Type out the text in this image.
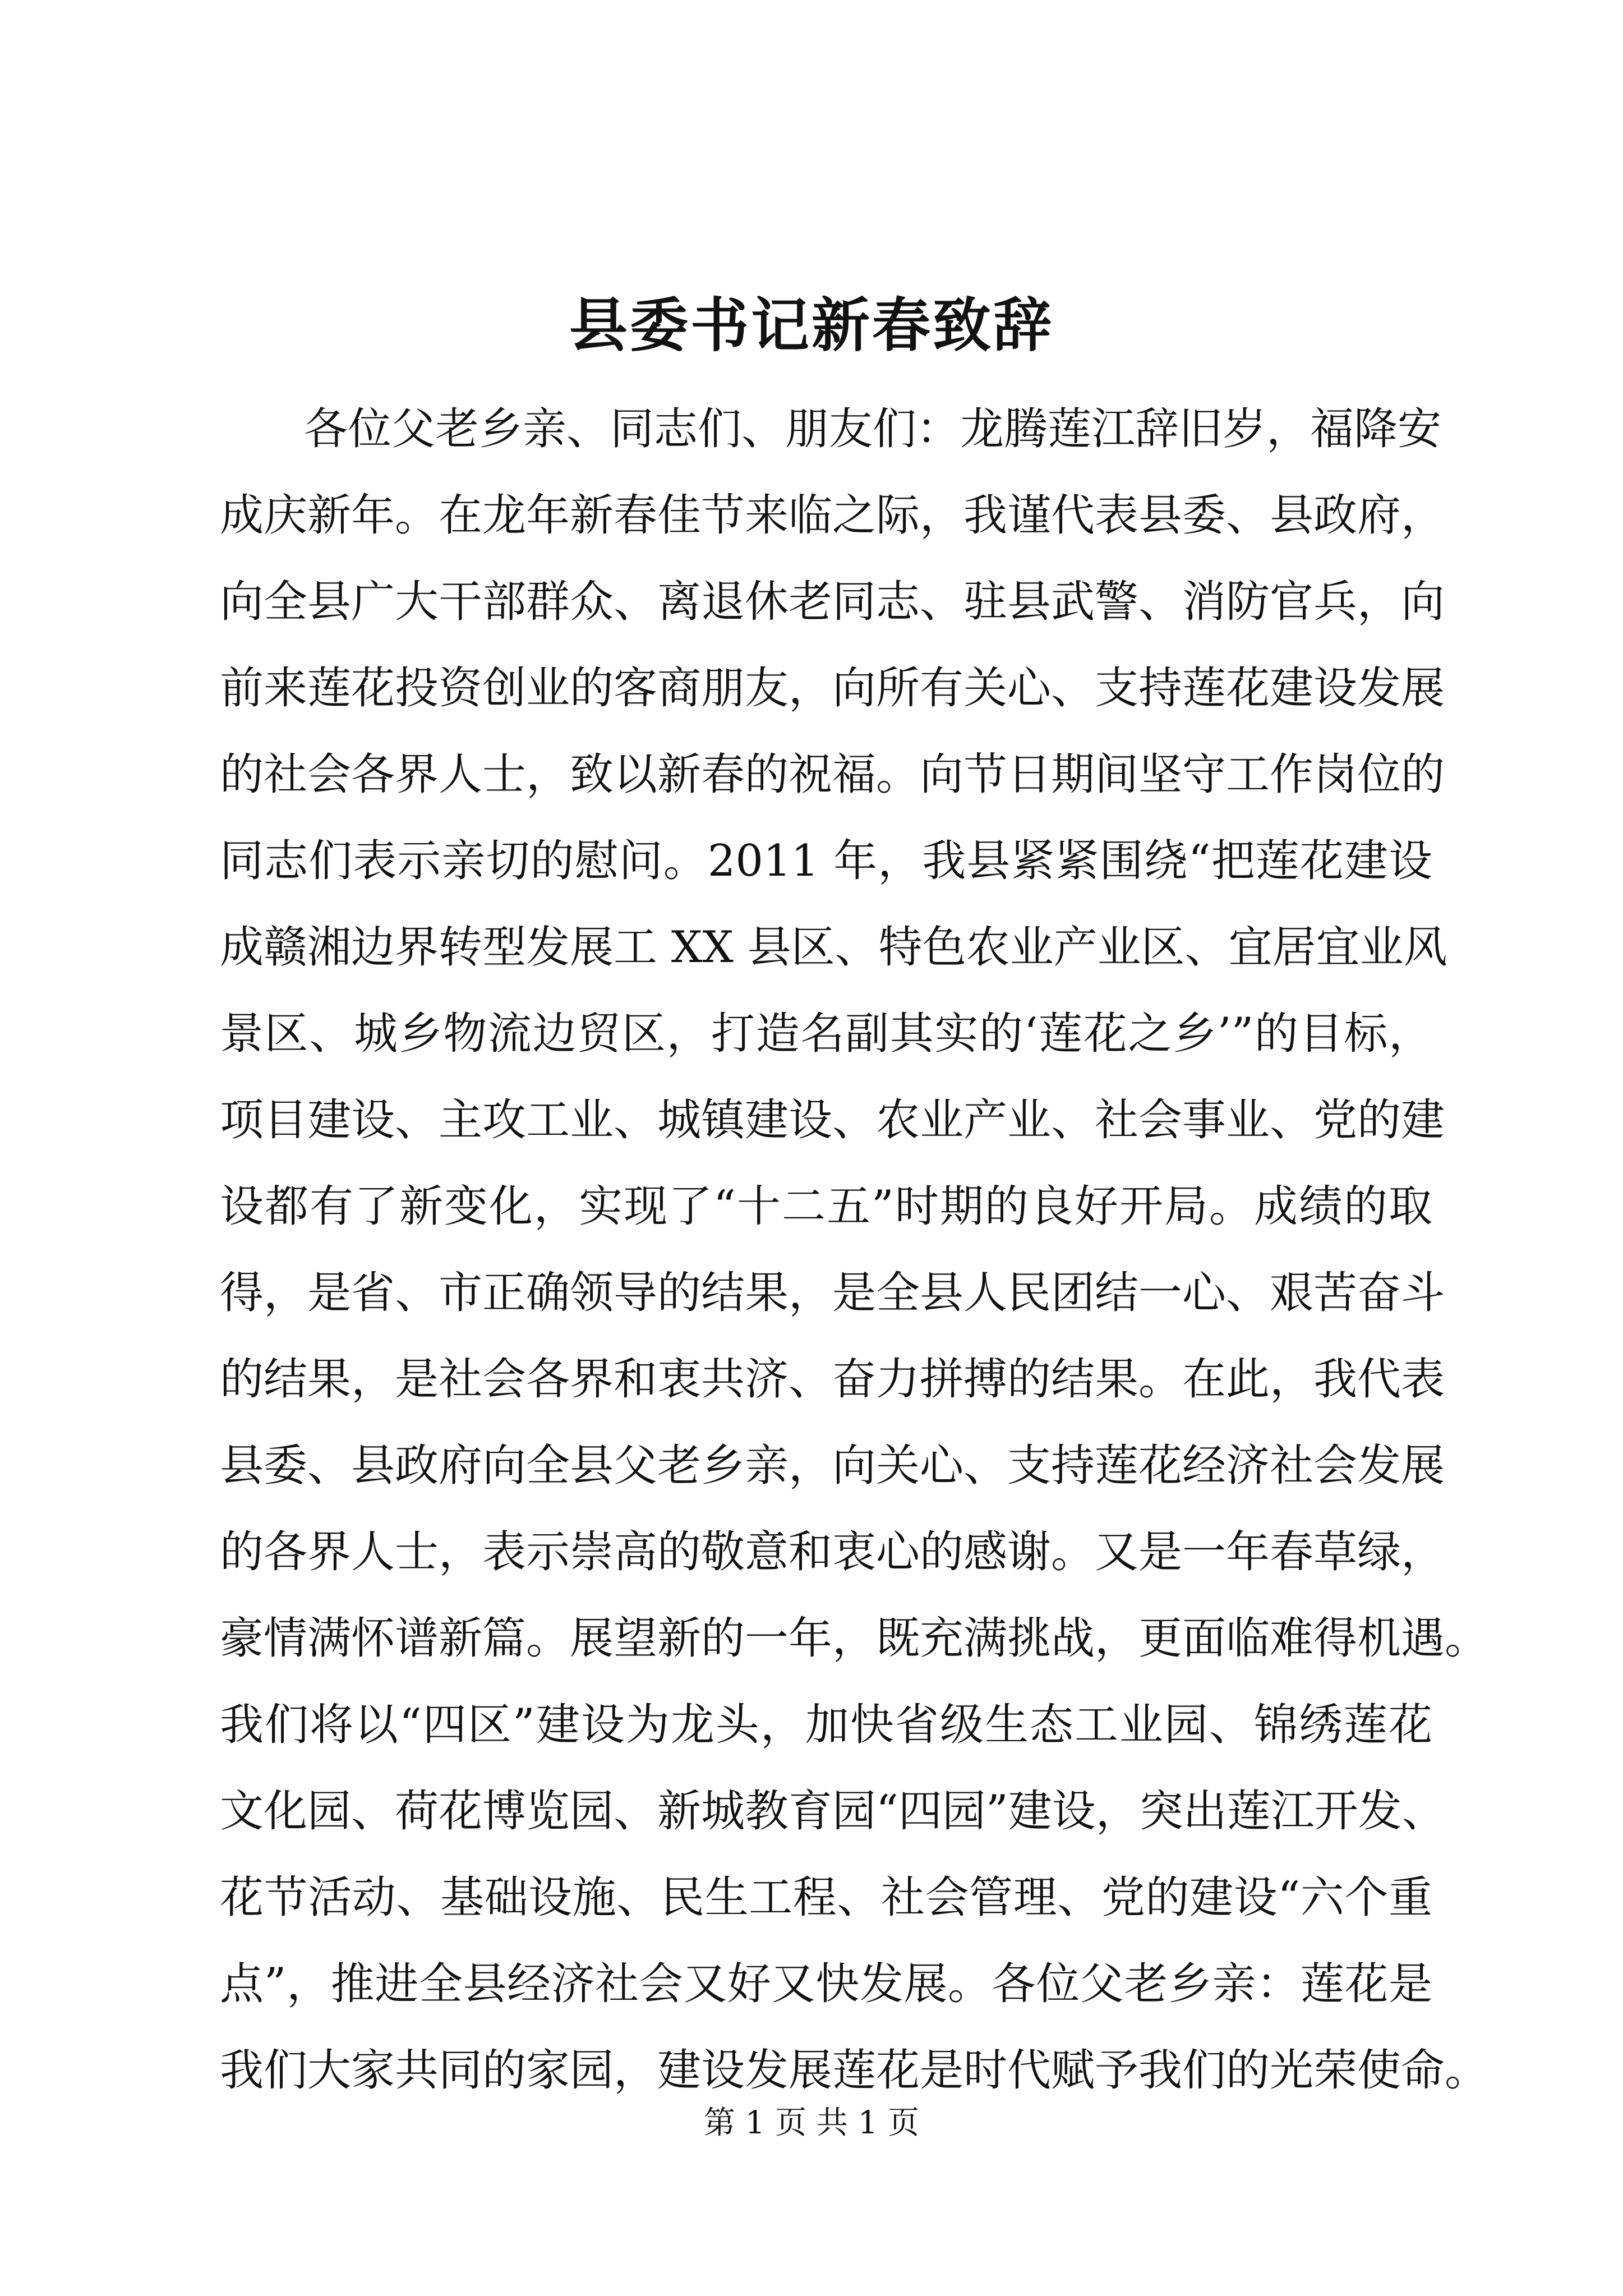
县委书记新春致辞
各位父老乡亲、同志们、朋友们：龙腾莲江辞旧岁，福降安
成庆新年。在龙年新春佳节来临之际，我谨代表县委、县政府，
向全县广大干部群众、离退休老同志、驻县武警、消防官兵，向
前来莲花投资创业的客商朋友，向所有关心、支持莲花建设发展
的社会各界人士，致以新春的祝福。向节日期间坚守工作岗位的
同志们表示亲切的慰问。2011 年，我县紧紧围绕“把莲花建设
成赣湘边界转型发展工 XX 县区、特色农业产业区、宜居宜业风
景区、城乡物流边贸区，打造名副其实的‘莲花之乡’”的目标，
项目建设、主攻工业、城镇建设、农业产业、社会事业、党的建
设都有了新变化，实现了“十二五”时期的良好开局。成绩的取
得，是省、市正确领导的结果，是全县人民团结一心、艰苦奋斗
的结果，是社会各界和衷共济、奋力拼搏的结果。在此，我代表
县委、县政府向全县父老乡亲，向关心、支持莲花经济社会发展
的各界人士，表示崇高的敬意和衷心的感谢。又是一年春草绿，
豪情满怀谱新篇。展望新的一年，既充满挑战，更面临难得机遇。
我们将以“四区”建设为龙头，加快省级生态工业园、锦绣莲花
文化园、荷花博览园、新城教育园“四园”建设，突出莲江开发、
花节活动、基础设施、民生工程、社会管理、党的建设“六个重
点”，推进全县经济社会又好又快发展。各位父老乡亲：莲花是
我们大家共同的家园，建设发展莲花是时代赋予我们的光荣使命。
第 1 页 共 1 页
